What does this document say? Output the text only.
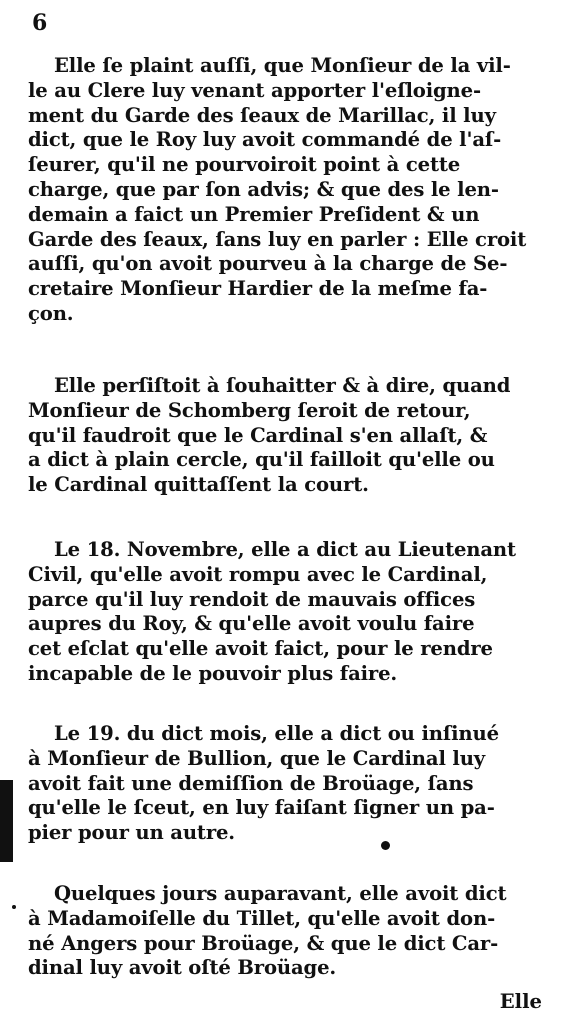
6
Elle ſe plaint auſſi, que Monſieur de la vil-
le au Clere luy venant apporter l'eſloigne-
ment du Garde des ſeaux de Marillac, il luy
dict, que le Roy luy avoit commandé de l'aſ-
ſeurer, qu'il ne pourvoiroit point à cette
charge, que par ſon advis; & que des le len-
demain a faict un Premier Preſident & un
Garde des ſeaux, ſans luy en parler : Elle croit
auſſi, qu'on avoit pourveu à la charge de Se-
cretaire Monſieur Hardier de la meſme fa-
çon.
Elle perſiſtoit à ſouhaitter & à dire, quand
Monſieur de Schomberg ſeroit de retour,
qu'il faudroit que le Cardinal s'en allaſt, &
a dict à plain cercle, qu'il failloit qu'elle ou
le Cardinal quittaſſent la court.
Le 18. Novembre, elle a dict au Lieutenant
Civil, qu'elle avoit rompu avec le Cardinal,
parce qu'il luy rendoit de mauvais offices
aupres du Roy, & qu'elle avoit voulu faire
cet eſclat qu'elle avoit faict, pour le rendre
incapable de le pouvoir plus faire.
Le 19. du dict mois, elle a dict ou inſinué
à Monſieur de Bullion, que le Cardinal luy
avoit fait une demiſſion de Broüage, ſans
qu'elle le ſceut, en luy faiſant ſigner un pa-
pier pour un autre.
Quelques jours auparavant, elle avoit dict
à Madamoiſelle du Tillet, qu'elle avoit don-
né Angers pour Broüage, & que le dict Car-
dinal luy avoit oſté Broüage.
Elle
